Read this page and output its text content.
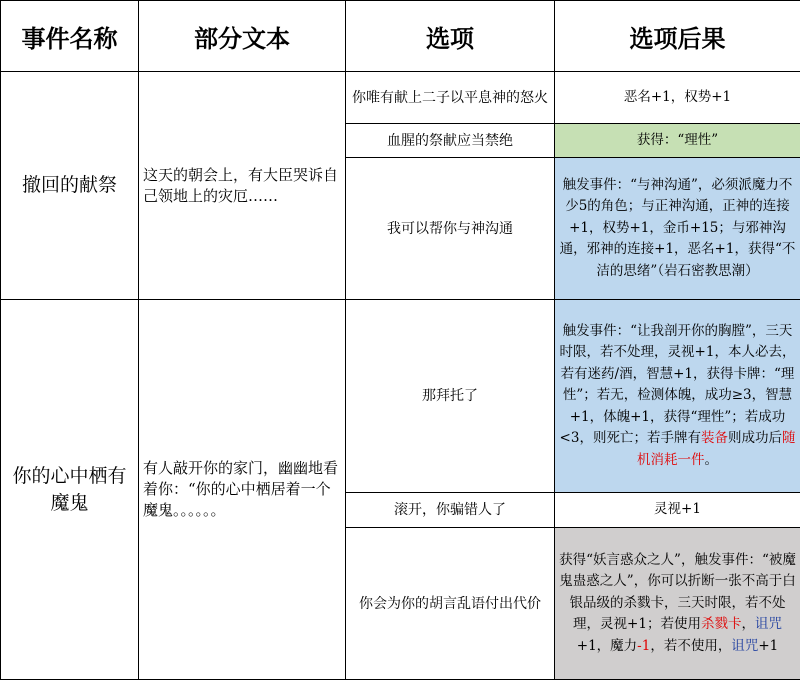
事件名称	部分文本	选项	选项后果
撤回的献祭	这天的朝会上，有大臣哭诉自己领地上的灾厄……	你唯有献上二子以平息神的怒火	恶名+1，权势+1
		血腥的祭献应当禁绝	获得：“理性”
		我可以帮你与神沟通	触发事件：“与神沟通”，必须派魔力不少5的角色；与正神沟通，正神的连接+1，权势+1，金币+15；与邪神沟通，邪神的连接+1，恶名+1，获得“不洁的思绪”（岩石密教思潮）
你的心中栖有魔鬼	有人敲开你的家门，幽幽地看着你：“你的心中栖居着一个魔鬼。。。。。。	那拜托了	触发事件：“让我剖开你的胸膛”，三天时限，若不处理，灵视+1，本人必去，若有迷药/酒，智慧+1，获得卡牌：“理性”；若无，检测体魄，成功≥3，智慧+1，体魄+1，获得“理性”；若成功<3，则死亡；若手牌有装备则成功后随机消耗一件。
		滚开，你骗错人了	灵视+1
		你会为你的胡言乱语付出代价	获得“妖言惑众之人”，触发事件：“被魔鬼蛊惑之人”，你可以折断一张不高于白银品级的杀戮卡，三天时限，若不处理，灵视+1；若使用杀戮卡，诅咒+1，魔力-1，若不使用，诅咒+1
